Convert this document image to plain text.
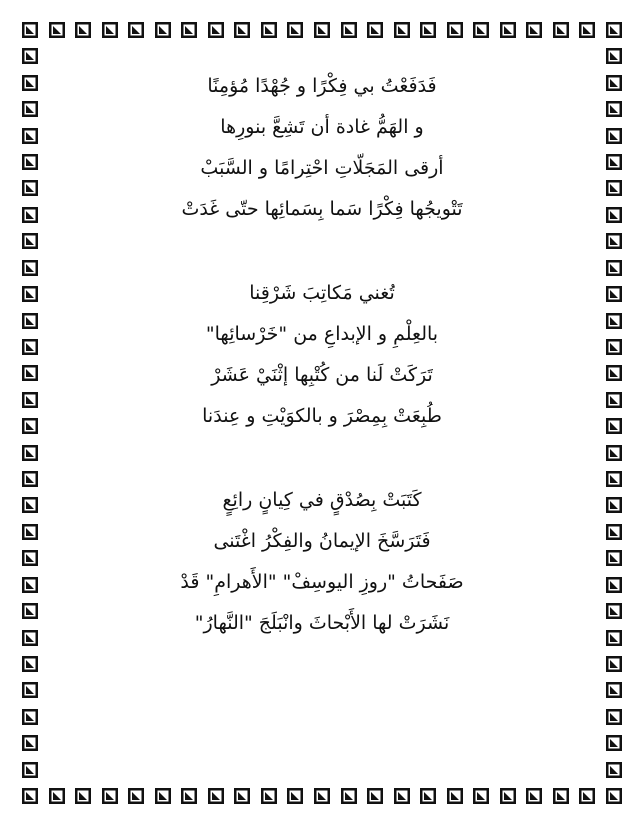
فَدَفَعْتُ بي فِكْرًا و جُهْدًا مُؤمِنًا
و الهَمُّ غادة أن تَشِعَّ بنورِها
أرقى المَجَلّاتِ احْتِرامًا و السَّبَبْ
تَتْويجُها فِكْرًا سَما بِسَمائِها حتّى غَدَتْ
تُغني مَكاتِبَ شَرْقِنا
بالعِلْمِ و الإبداعِ من "خَرْسائِها"
تَرَكَتْ لَنا من كُتْبِها إثْنَيْ عَشَرْ
طُبِعَتْ بِمِصْرَ و بالكوَيْتِ و عِندَنا
كَتَبَتْ بِصُدْقٍ في كِيانٍ رائِعٍ
فَتَرَسَّخَ الإيمانُ والفِكْرُ اغْتَنى
صَفَحاتُ "روزِ اليوسِفْ" "الأَهرامِ" قَدْ
نَشَرَتْ لها الأَبْحاثَ وانْبَلَجَ "النَّهارُ"
